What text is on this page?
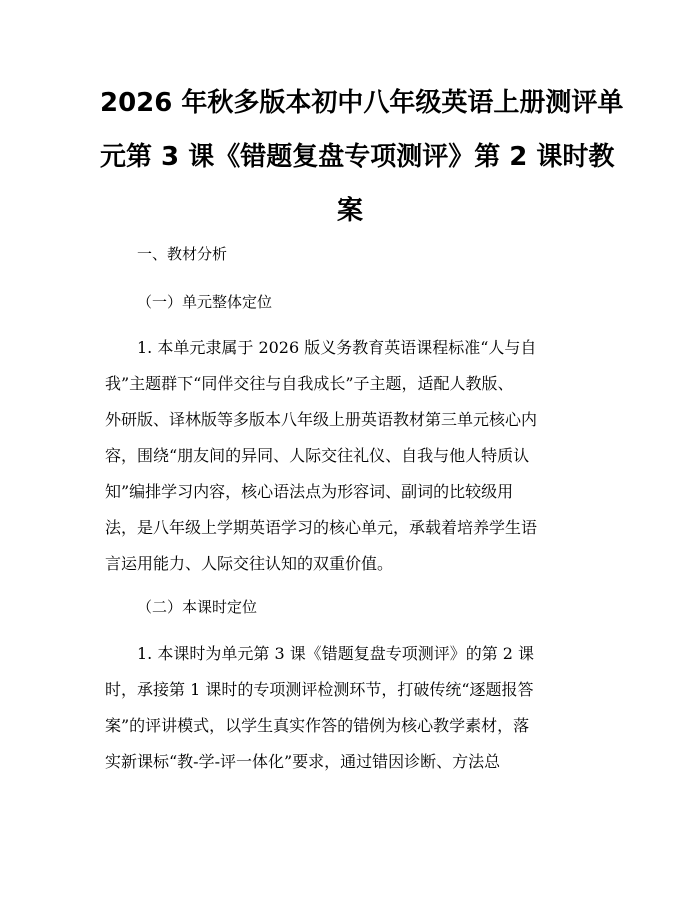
2026 年秋多版本初中八年级英语上册测评单
元第 3 课《错题复盘专项测评》第 2 课时教
案

一、教材分析

（一）单元整体定位

1. 本单元隶属于 2026 版义务教育英语课程标准“人与自
我”主题群下“同伴交往与自我成长”子主题，适配人教版、
外研版、译林版等多版本八年级上册英语教材第三单元核心内
容，围绕“朋友间的异同、人际交往礼仪、自我与他人特质认
知”编排学习内容，核心语法点为形容词、副词的比较级用
法，是八年级上学期英语学习的核心单元，承载着培养学生语
言运用能力、人际交往认知的双重价值。

（二）本课时定位

1. 本课时为单元第 3 课《错题复盘专项测评》的第 2 课
时，承接第 1 课时的专项测评检测环节，打破传统“逐题报答
案”的评讲模式，以学生真实作答的错例为核心教学素材，落
实新课标“教-学-评一体化”要求，通过错因诊断、方法总
